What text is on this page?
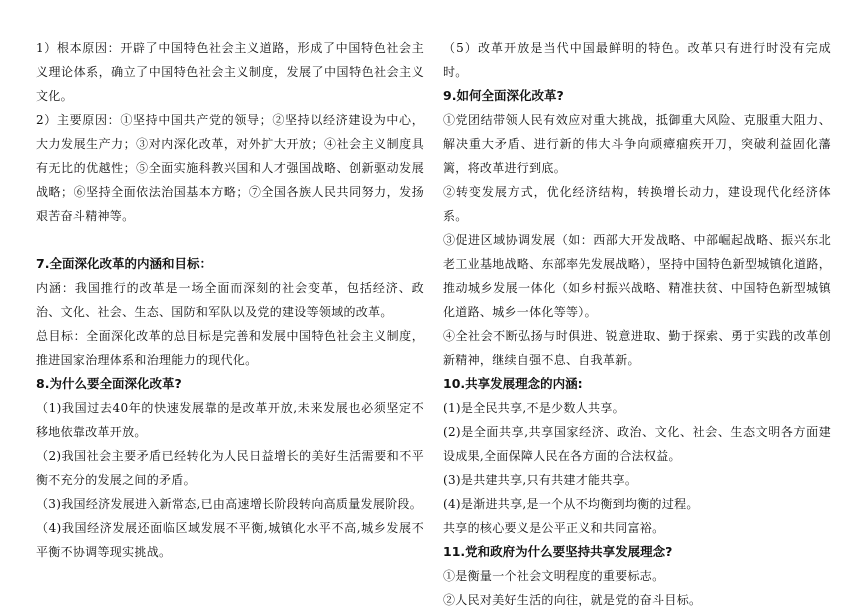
1）根本原因：开辟了中国特色社会主义道路，形成了中国特色社会主义理论体系，确立了中国特色社会主义制度，发展了中国特色社会主义文化。

2）主要原因：①坚持中国共产党的领导；②坚持以经济建设为中心，大力发展生产力；③对内深化改革，对外扩大开放；④社会主义制度具有无比的优越性；⑤全面实施科教兴国和人才强国战略、创新驱动发展战略；⑥坚持全面依法治国基本方略；⑦全国各族人民共同努力，发扬艰苦奋斗精神等。

7.全面深化改革的内涵和目标：

内涵：我国推行的改革是一场全面而深刻的社会变革，包括经济、政治、文化、社会、生态、国防和军队以及党的建设等领域的改革。

总目标：全面深化改革的总目标是完善和发展中国特色社会主义制度，推进国家治理体系和治理能力的现代化。

8.为什么要全面深化改革?

（1)我国过去40年的快速发展靠的是改革开放,未来发展也必须坚定不移地依靠改革开放。

（2)我国社会主要矛盾已经转化为人民日益增长的美好生活需要和不平衡不充分的发展之间的矛盾。

（3)我国经济发展进入新常态,已由高速增长阶段转向高质量发展阶段。

（4)我国经济发展还面临区域发展不平衡,城镇化水平不高,城乡发展不平衡不协调等现实挑战。

（5）改革开放是当代中国最鲜明的特色。改革只有进行时没有完成时。

9.如何全面深化改革?

①党团结带领人民有效应对重大挑战，抵御重大风险、克服重大阻力、解决重大矛盾、进行新的伟大斗争向顽瘴痼疾开刀，突破利益固化藩篱，将改革进行到底。

②转变发展方式，优化经济结构，转换增长动力，建设现代化经济体系。

③促进区域协调发展（如：西部大开发战略、中部崛起战略、振兴东北老工业基地战略、东部率先发展战略），坚持中国特色新型城镇化道路，推动城乡发展一体化（如乡村振兴战略、精准扶贫、中国特色新型城镇化道路、城乡一体化等等）。

④全社会不断弘扬与时俱进、锐意进取、勤于探索、勇于实践的改革创新精神，继续自强不息、自我革新。

10.共享发展理念的内涵:

(1)是全民共享,不是少数人共享。

(2)是全面共享,共享国家经济、政治、文化、社会、生态文明各方面建设成果,全面保障人民在各方面的合法权益。

(3)是共建共享,只有共建才能共享。

(4)是渐进共享,是一个从不均衡到均衡的过程。

共享的核心要义是公平正义和共同富裕。

11.党和政府为什么要坚持共享发展理念?

①是衡量一个社会文明程度的重要标志。

②人民对美好生活的向往，就是党的奋斗目标。
